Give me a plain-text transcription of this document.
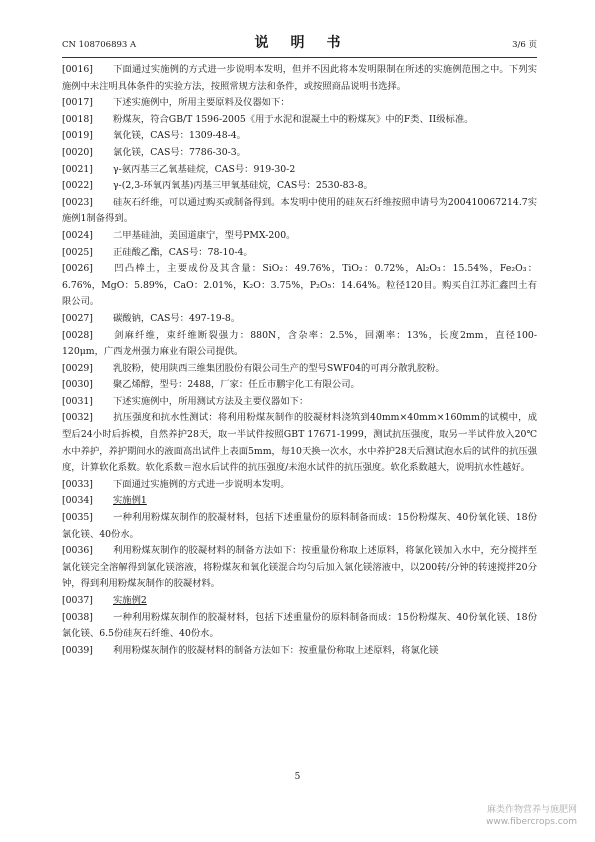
CN 108706893 A	说　明　书	3/6 页
[0016] 下面通过实施例的方式进一步说明本发明，但并不因此将本发明限制在所述的实施例范围之中。下列实施例中未注明具体条件的实验方法，按照常规方法和条件，或按照商品说明书选择。
[0017] 下述实施例中，所用主要原料及仪器如下：
[0018] 粉煤灰，符合GB/T 1596-2005《用于水泥和混凝土中的粉煤灰》中的F类、II级标准。
[0019] 氧化镁，CAS号：1309-48-4。
[0020] 氯化镁，CAS号：7786-30-3。
[0021] γ-氨丙基三乙氧基硅烷，CAS号：919-30-2
[0022] γ-(2,3-环氧丙氧基)丙基三甲氧基硅烷，CAS号：2530-83-8。
[0023] 硅灰石纤维，可以通过购买或制备得到。本发明中使用的硅灰石纤维按照申请号为200410067214.7实施例1制备得到。
[0024] 二甲基硅油，美国道康宁，型号PMX-200。
[0025] 正硅酸乙酯，CAS号：78-10-4。
[0026] 凹凸棒土，主要成份及其含量：SiO₂：49.76%，TiO₂：0.72%，Al₂O₃：15.54%，Fe₂O₃：6.76%，MgO：5.89%，CaO：2.01%，K₂O：3.75%，P₂O₅：14.64%。粒径120目。购买自江苏汇鑫凹土有限公司。
[0027] 碳酸钠，CAS号：497-19-8。
[0028] 剑麻纤维，束纤维断裂强力：880N，含杂率：2.5%，回潮率：13%，长度2mm，直径100-120μm，广西龙州强力麻业有限公司提供。
[0029] 乳胶粉，使用陕西三维集团股份有限公司生产的型号SWF04的可再分散乳胶粉。
[0030] 聚乙烯醇，型号：2488，厂家：任丘市鹏宇化工有限公司。
[0031] 下述实施例中，所用测试方法及主要仪器如下：
[0032] 抗压强度和抗水性测试：将利用粉煤灰制作的胶凝材料浇筑到40mm×40mm×160mm的试模中，成型后24小时后拆模，自然养护28天，取一半试件按照GBT 17671-1999，测试抗压强度，取另一半试件放入20℃水中养护，养护期间水的液面高出试件上表面5mm，每10天换一次水，水中养护28天后测试泡水后的试件的抗压强度，计算软化系数。软化系数＝泡水后试件的抗压强度/未泡水试件的抗压强度。软化系数越大，说明抗水性越好。
[0033] 下面通过实施例的方式进一步说明本发明。
[0034] 实施例1
[0035] 一种利用粉煤灰制作的胶凝材料，包括下述重量份的原料制备而成：15份粉煤灰、40份氧化镁、18份氯化镁、40份水。
[0036] 利用粉煤灰制作的胶凝材料的制备方法如下：按重量份称取上述原料，将氯化镁加入水中，充分搅拌至氯化镁完全溶解得到氯化镁溶液，将粉煤灰和氧化镁混合均匀后加入氯化镁溶液中，以200转/分钟的转速搅拌20分钟，得到利用粉煤灰制作的胶凝材料。
[0037] 实施例2
[0038] 一种利用粉煤灰制作的胶凝材料，包括下述重量份的原料制备而成：15份粉煤灰、40份氧化镁、18份氯化镁、6.5份硅灰石纤维、40份水。
[0039] 利用粉煤灰制作的胶凝材料的制备方法如下：按重量份称取上述原料，将氯化镁
5
麻类作物营养与施肥网
www.fibercrops.com
